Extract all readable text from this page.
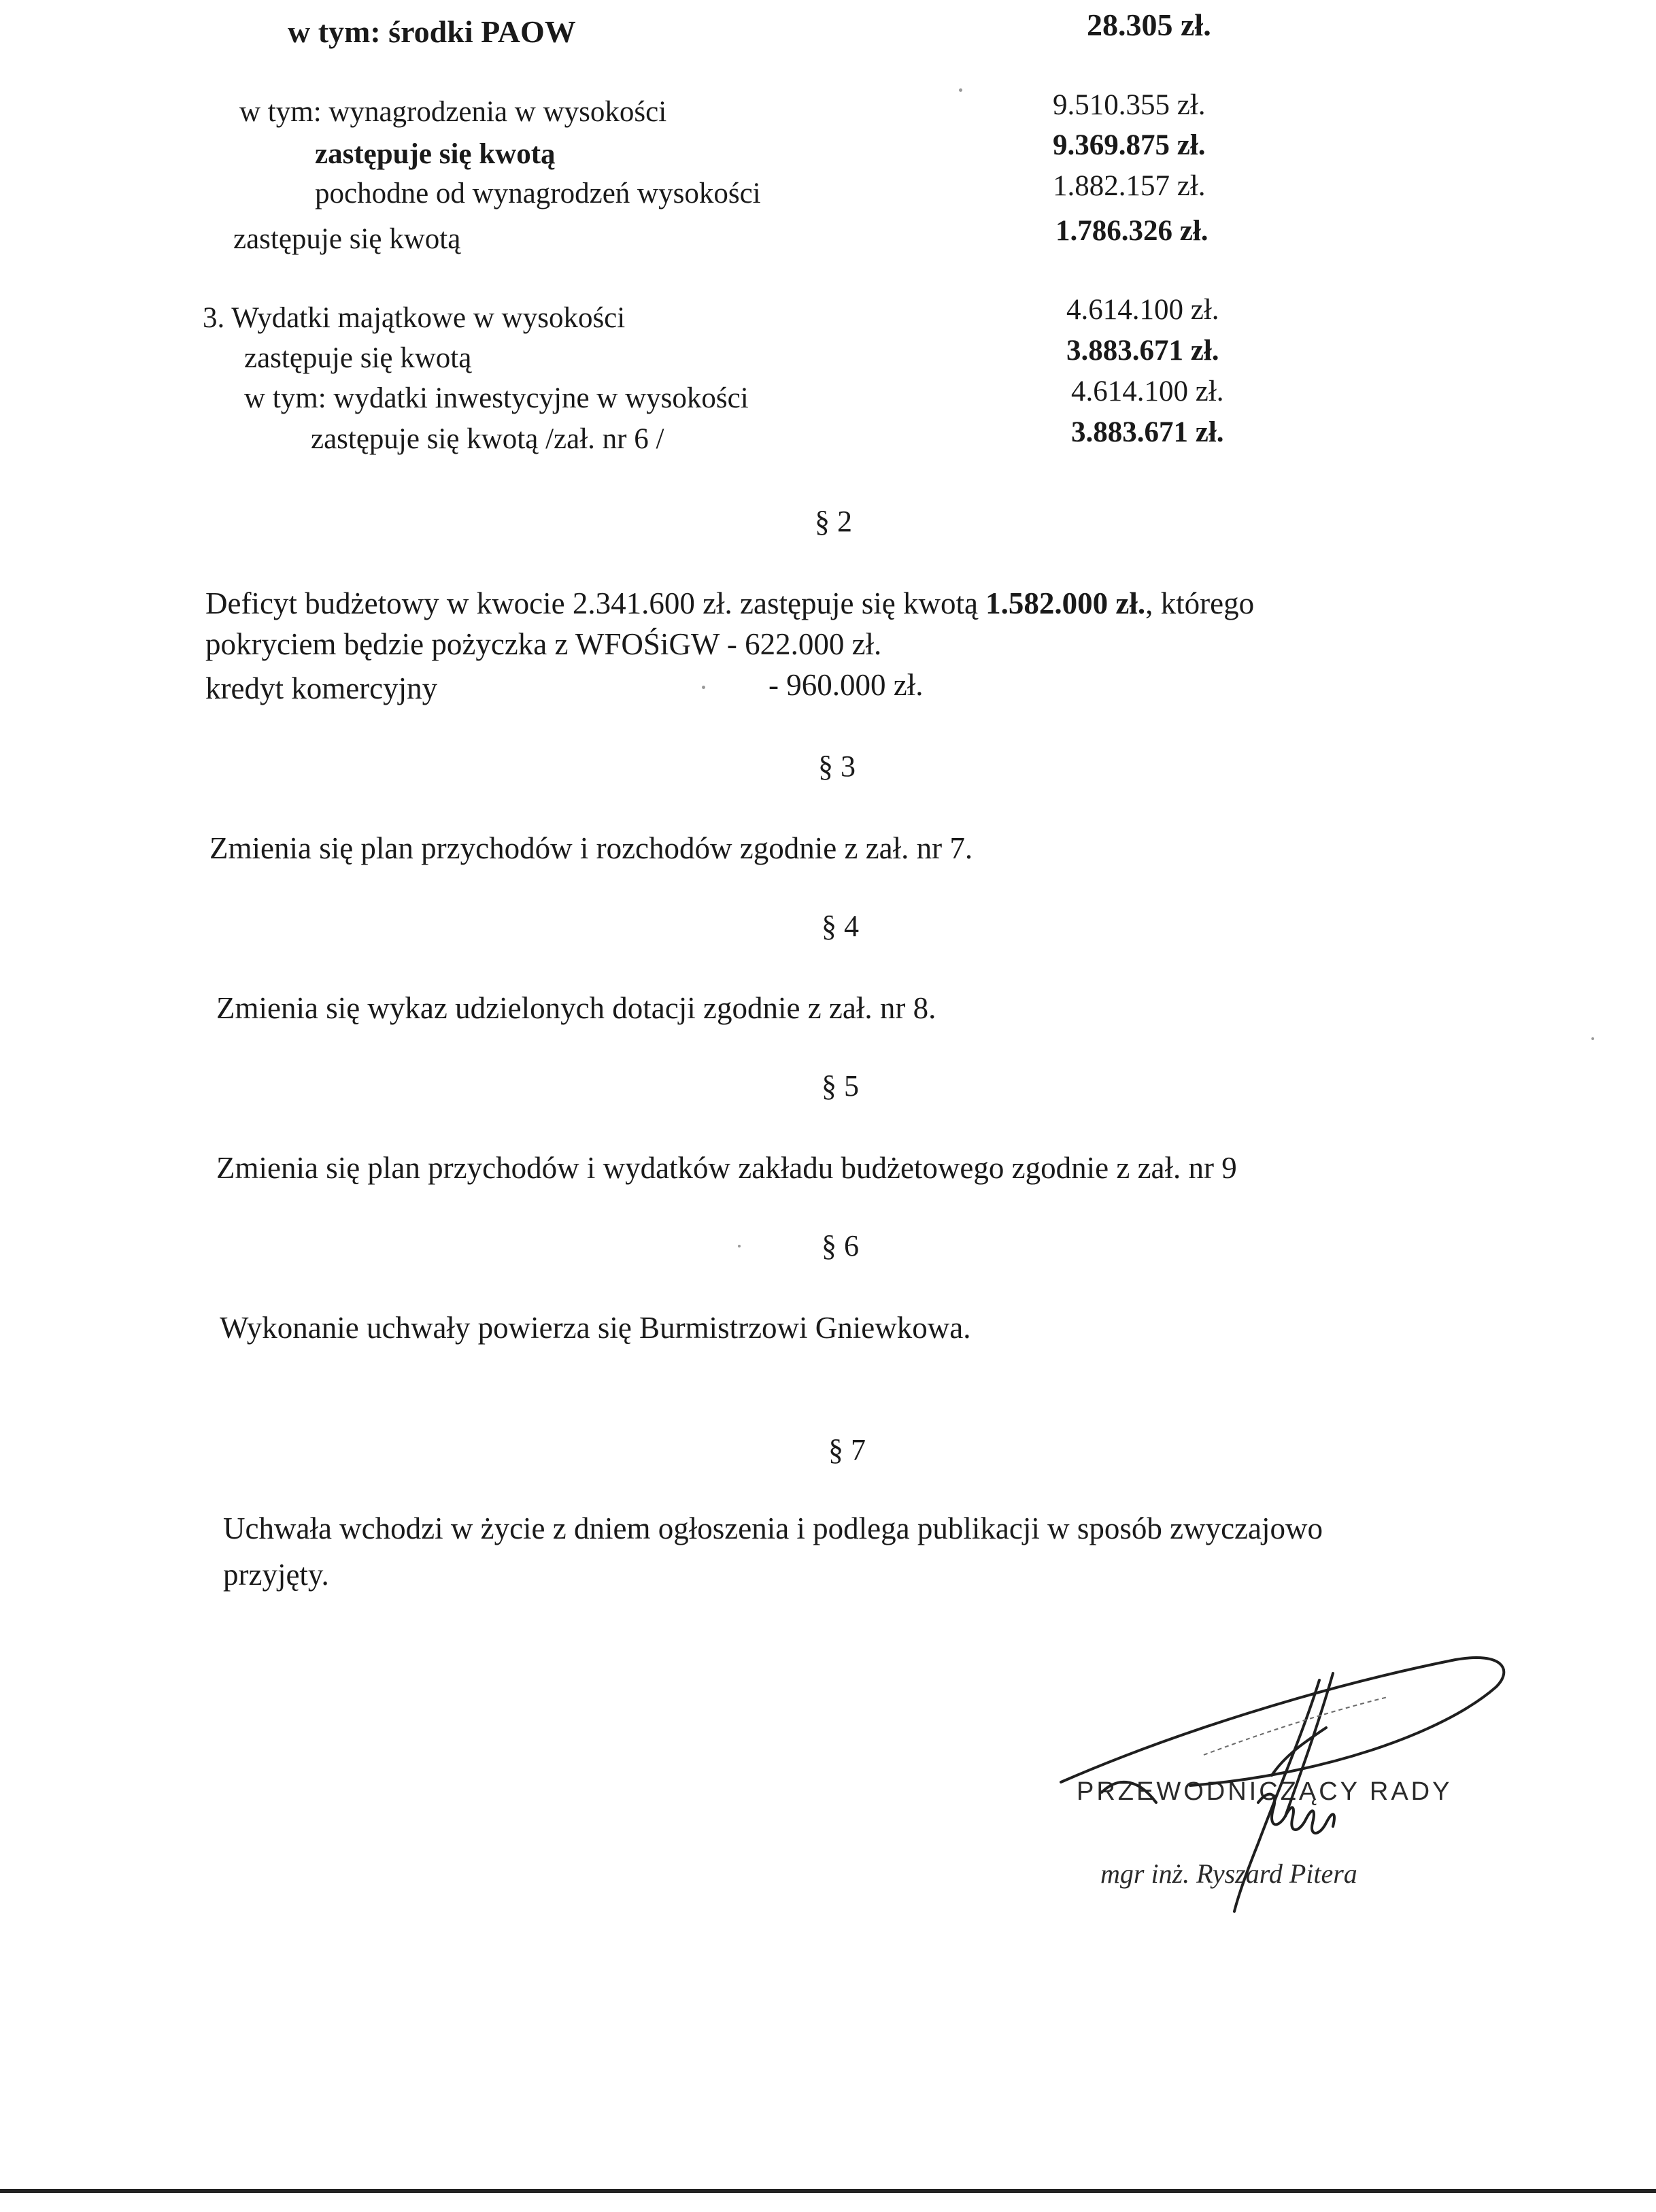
w tym: środki PAOW	28.305 zł.
w tym: wynagrodzenia w wysokości	9.510.355 zł.
zastępuje się kwotą	9.369.875 zł.
pochodne od wynagrodzeń wysokości	1.882.157 zł.
zastępuje się kwotą	1.786.326 zł.
3. Wydatki majątkowe w wysokości	4.614.100 zł.
zastępuje się kwotą	3.883.671 zł.
w tym: wydatki inwestycyjne w wysokości	4.614.100 zł.
zastępuje się kwotą /zał. nr 6 /	3.883.671 zł.
§ 2
Deficyt budżetowy w kwocie 2.341.600 zł. zastępuje się kwotą 1.582.000 zł., którego
pokryciem będzie pożyczka z WFOŚiGW - 622.000 zł.
kredyt komercyjny	- 960.000 zł.
§ 3
Zmienia się plan przychodów i rozchodów zgodnie z zał. nr 7.
§ 4
Zmienia się wykaz udzielonych dotacji zgodnie z zał. nr 8.
§ 5
Zmienia się plan przychodów i wydatków zakładu budżetowego zgodnie z zał. nr 9
§ 6
Wykonanie uchwały powierza się Burmistrzowi Gniewkowa.
§ 7
Uchwała wchodzi w życie z dniem ogłoszenia i podlega publikacji w sposób zwyczajowo
przyjęty.
PRZEWODNICZĄCY RADY
mgr inż. Ryszard Pitera
